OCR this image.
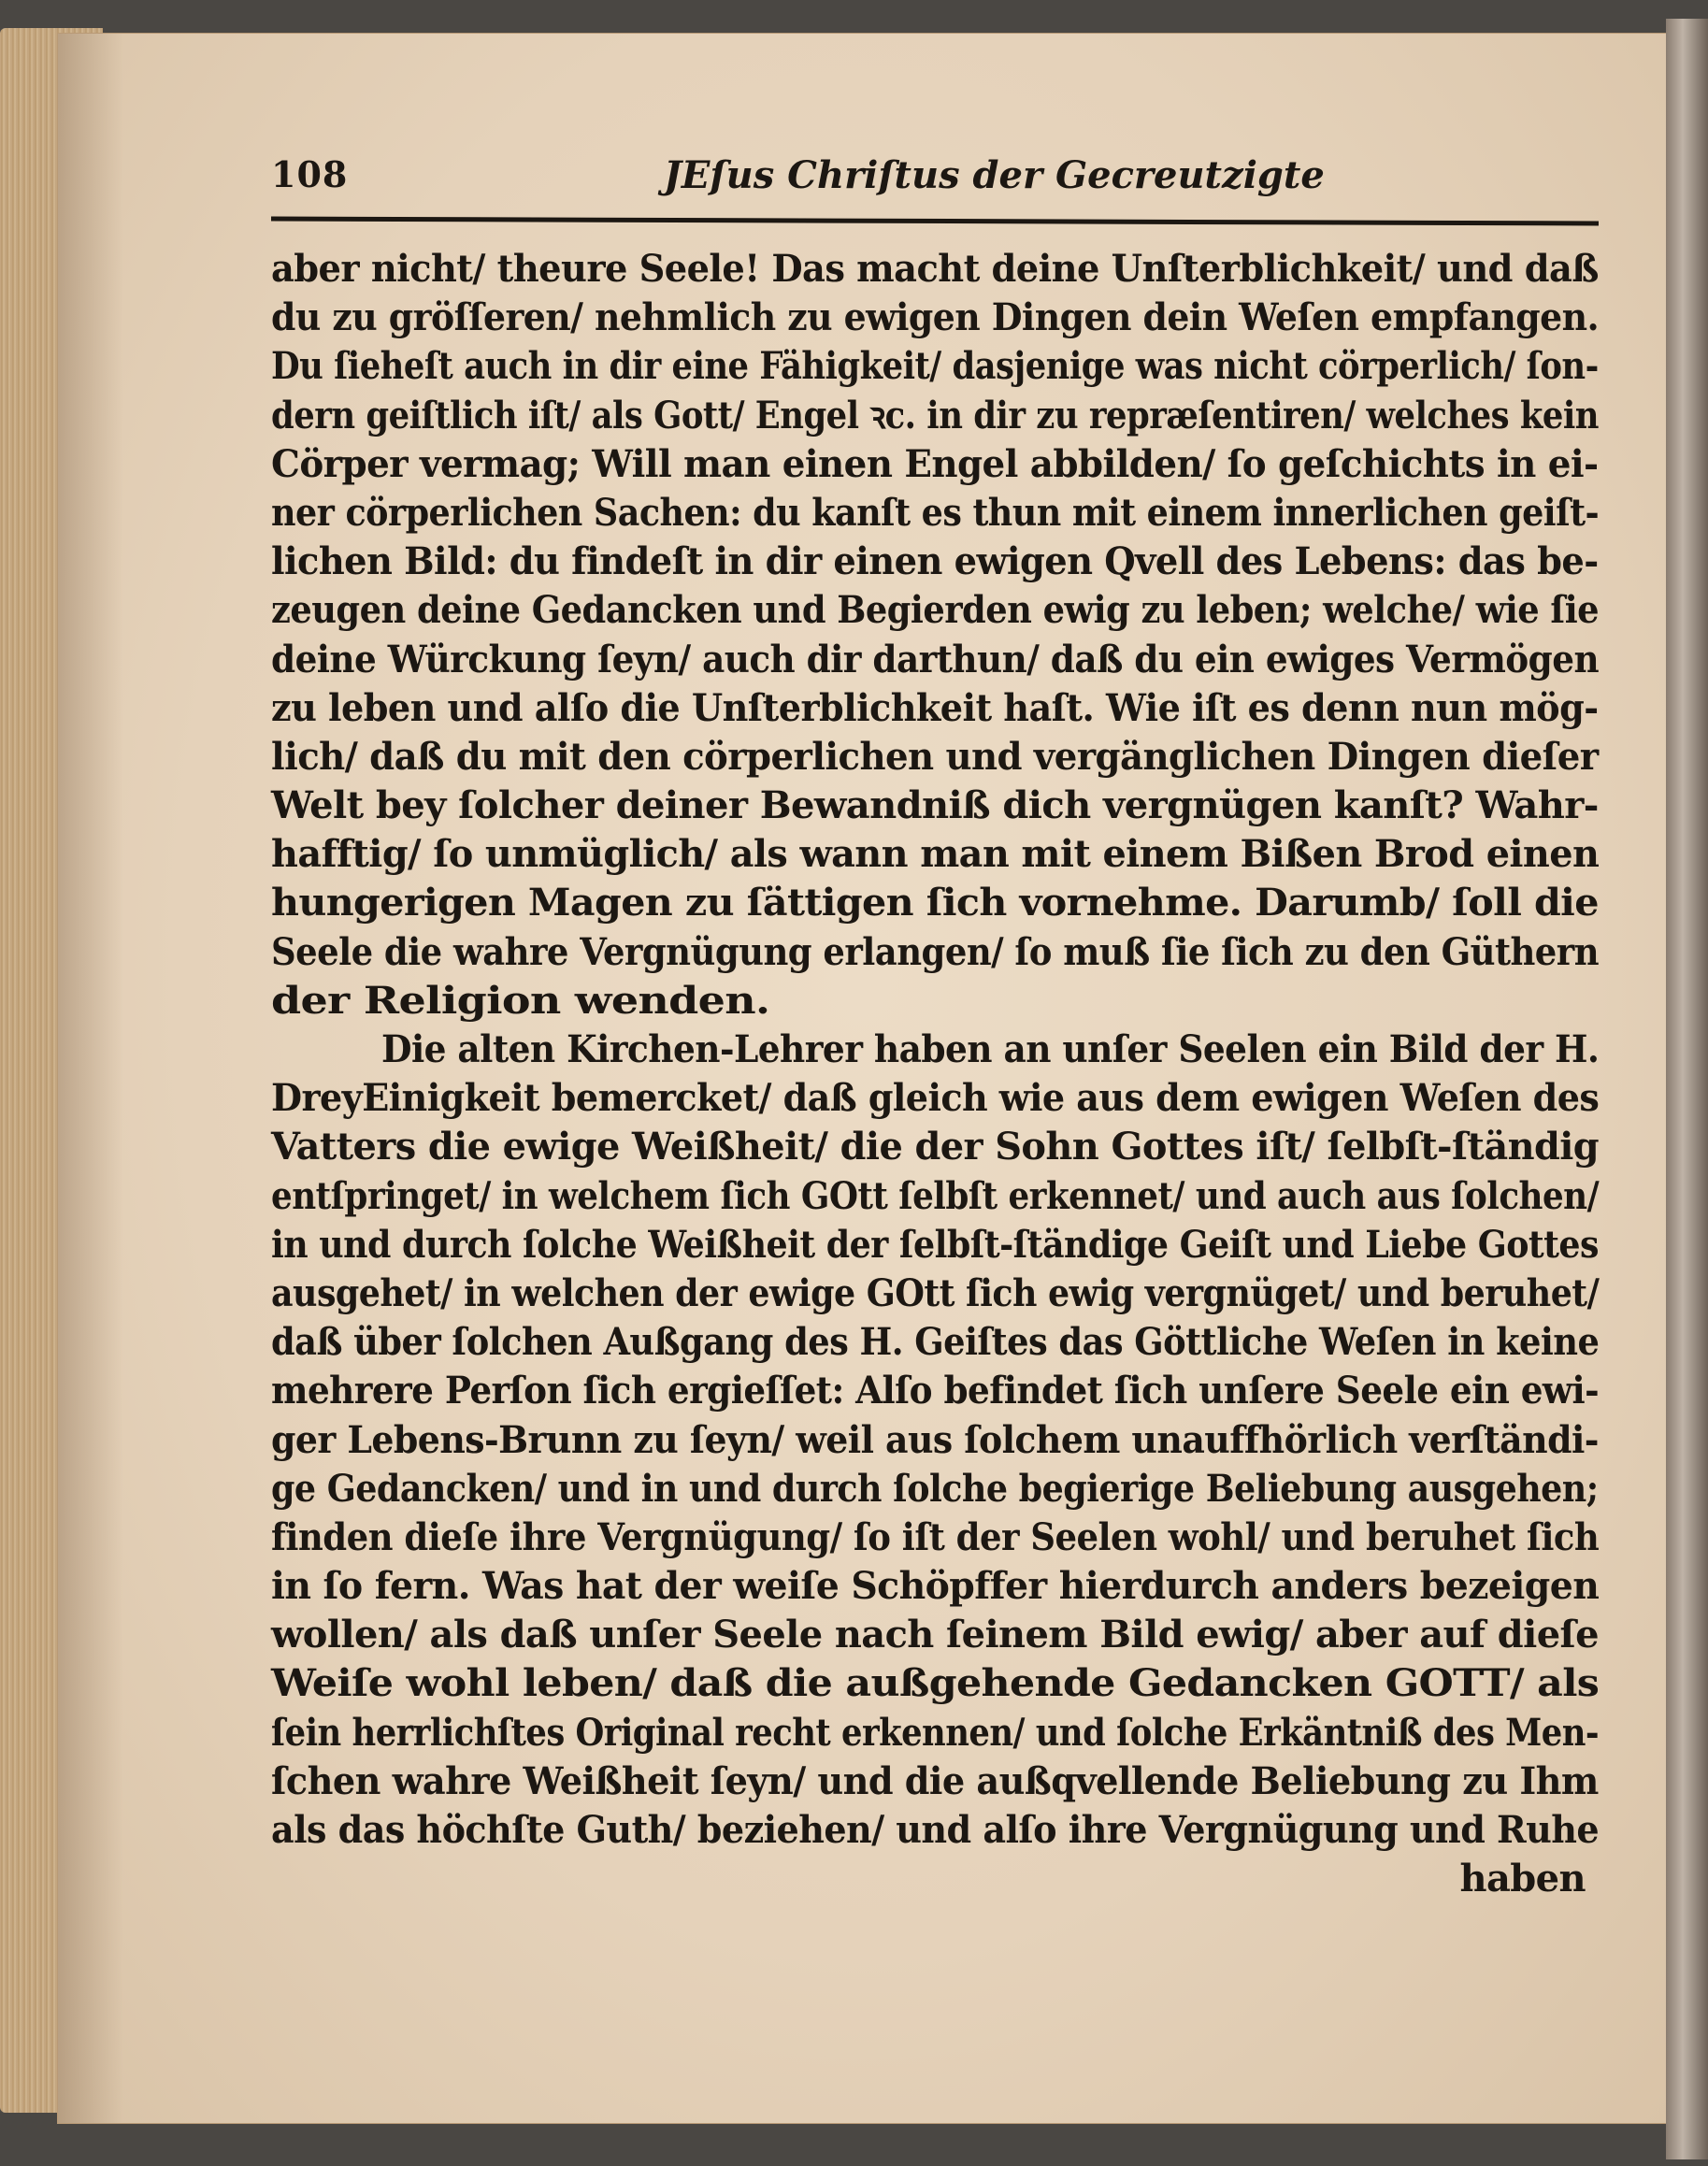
108	JEſus Chriſtus der Gecreutzigte
aber nicht/ theure Seele! Das macht deine Unſterblichkeit/ und daß
du zu gröſſeren/ nehmlich zu ewigen Dingen dein Weſen empfangen.
Du ſieheſt auch in dir eine Fähigkeit/ dasjenige was nicht cörperlich/ ſon-
dern geiſtlich iſt/ als Gott/ Engel ꝛc. in dir zu repræſentiren/ welches kein
Cörper vermag; Will man einen Engel abbilden/ ſo geſchichts in ei-
ner cörperlichen Sachen: du kanſt es thun mit einem innerlichen geiſt-
lichen Bild: du findeſt in dir einen ewigen Qvell des Lebens: das be-
zeugen deine Gedancken und Begierden ewig zu leben; welche/ wie ſie
deine Würckung ſeyn/ auch dir darthun/ daß du ein ewiges Vermögen
zu leben und alſo die Unſterblichkeit haſt. Wie iſt es denn nun mög-
lich/ daß du mit den cörperlichen und vergänglichen Dingen dieſer
Welt bey ſolcher deiner Bewandniß dich vergnügen kanſt? Wahr-
hafftig/ ſo unmüglich/ als wann man mit einem Bißen Brod einen
hungerigen Magen zu ſättigen ſich vornehme. Darumb/ ſoll die
Seele die wahre Vergnügung erlangen/ ſo muß ſie ſich zu den Güthern
der Religion wenden.
Die alten Kirchen-Lehrer haben an unſer Seelen ein Bild der H.
DreyEinigkeit bemercket/ daß gleich wie aus dem ewigen Weſen des
Vatters die ewige Weißheit/ die der Sohn Gottes iſt/ ſelbſt-ſtändig
entſpringet/ in welchem ſich GOtt ſelbſt erkennet/ und auch aus ſolchen/
in und durch ſolche Weißheit der ſelbſt-ſtändige Geiſt und Liebe Gottes
ausgehet/ in welchen der ewige GOtt ſich ewig vergnüget/ und beruhet/
daß über ſolchen Außgang des H. Geiſtes das Göttliche Weſen in keine
mehrere Perſon ſich ergieſſet: Alſo befindet ſich unſere Seele ein ewi-
ger Lebens-Brunn zu ſeyn/ weil aus ſolchem unauffhörlich verſtändi-
ge Gedancken/ und in und durch ſolche begierige Beliebung ausgehen;
finden dieſe ihre Vergnügung/ ſo iſt der Seelen wohl/ und beruhet ſich
in ſo fern. Was hat der weiſe Schöpffer hierdurch anders bezeigen
wollen/ als daß unſer Seele nach ſeinem Bild ewig/ aber auf dieſe
Weiſe wohl leben/ daß die außgehende Gedancken GOTT/ als
ſein herrlichſtes Original recht erkennen/ und ſolche Erkäntniß des Men-
ſchen wahre Weißheit ſeyn/ und die außqvellende Beliebung zu Ihm
als das höchſte Guth/ beziehen/ und alſo ihre Vergnügung und Ruhe
haben
